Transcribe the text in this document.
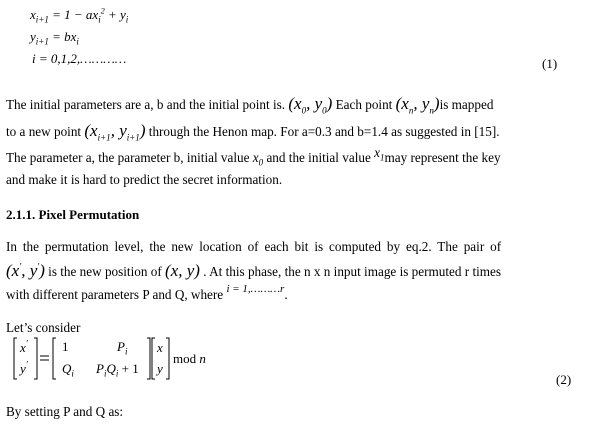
$x_{i+1} = 1 - ax_i^2 + y_i$
$y_{i+1} = bx_i$
i = 0,1,2,…………	(1)
The initial parameters are a, b and the initial point is. ($x_0$, $y_0$) Each point ($x_n$, $y_n)is$ mapped
to a new point ($x_{i+1}$, $y_{i+1}$) through the Henon map. For a=0.3 and b=1.4 as suggested in [15].
The parameter a, the parameter b, initial value $x_0$ and the initial value $x_1may$ represent the key
and make it is hard to predict the secret information.
2.1.1. Pixel Permutation
In the permutation level, the new location of each bit is computed by eq.2. The pair of
(x′, y′) is the new position of (x, y) . At this phase, the n x n input image is permuted r times
with different parameters P and Q, where $^{i = 1,\dots\dots\dots r}$.
Let’s consider
x′
y′
1	$P_i$
$Q_i$ $P_iQ_i + 1$
x
y
mod n
(2)
By setting P and Q as:
